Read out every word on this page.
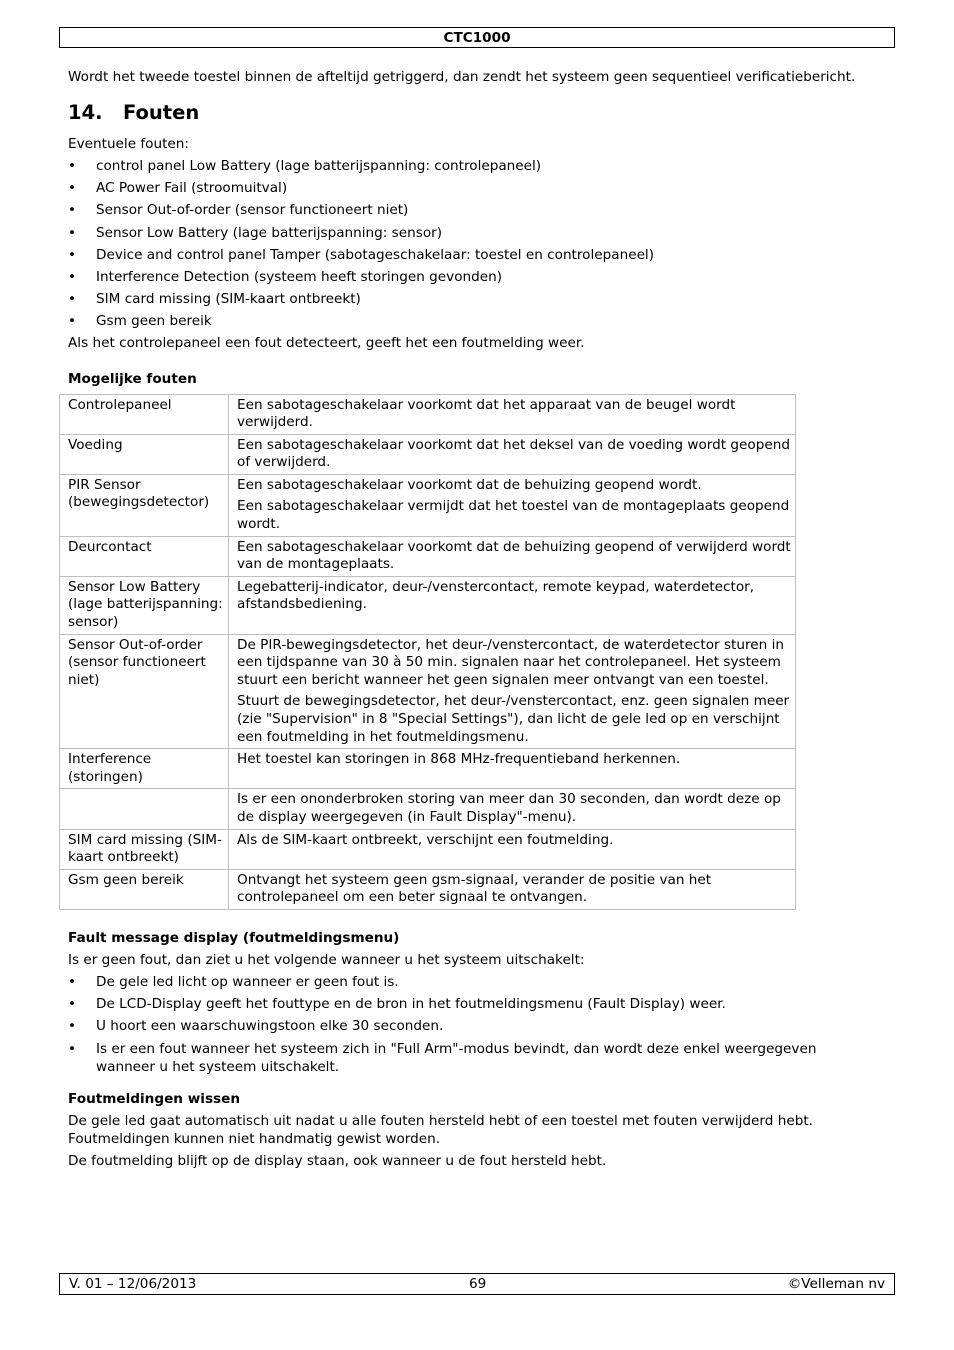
CTC1000

Wordt het tweede toestel binnen de afteltijd getriggerd, dan zendt het systeem geen sequentieel verificatiebericht.

14.	Fouten

Eventuele fouten:

• control panel Low Battery (lage batterijspanning: controlepaneel)
• AC Power Fail (stroomuitval)
• Sensor Out-of-order (sensor functioneert niet)
• Sensor Low Battery (lage batterijspanning: sensor)
• Device and control panel Tamper (sabotageschakelaar: toestel en controlepaneel)
• Interference Detection (systeem heeft storingen gevonden)
• SIM card missing (SIM-kaart ontbreekt)
• Gsm geen bereik

Als het controlepaneel een fout detecteert, geeft het een foutmelding weer.

Mogelijke fouten
Controlepaneel	Een sabotageschakelaar voorkomt dat het apparaat van de beugel wordt verwijderd.

Voeding	Een sabotageschakelaar voorkomt dat het deksel van de voeding wordt geopend of verwijderd.

PIR Sensor (bewegingsdetector)	Een sabotageschakelaar voorkomt dat de behuizing geopend wordt.

Een sabotageschakelaar vermijdt dat het toestel van de montageplaats geopend wordt.

Deurcontact	Een sabotageschakelaar voorkomt dat de behuizing geopend of verwijderd wordt van de montageplaats.

Sensor Low Battery (lage batterijspanning: sensor)	Legebatterij-indicator, deur-/venstercontact, remote keypad, waterdetector, afstandsbediening.

Sensor Out-of-order (sensor functioneert niet)	De PIR-bewegingsdetector, het deur-/venstercontact, de waterdetector sturen in een tijdspanne van 30 à 50 min. signalen naar het controlepaneel. Het systeem stuurt een bericht wanneer het geen signalen meer ontvangt van een toestel.

Stuurt de bewegingsdetector, het deur-/venstercontact, enz. geen signalen meer (zie "Supervision" in 8 "Special Settings"), dan licht de gele led op en verschijnt een foutmelding in het foutmeldingsmenu.

Interference (storingen)	Het toestel kan storingen in 868 MHz-frequentieband herkennen.

	Is er een ononderbroken storing van meer dan 30 seconden, dan wordt deze op de display weergegeven (in Fault Display"-menu).

SIM card missing (SIM-kaart ontbreekt)	Als de SIM-kaart ontbreekt, verschijnt een foutmelding.

Gsm geen bereik	Ontvangt het systeem geen gsm-signaal, verander de positie van het controlepaneel om een beter signaal te ontvangen.

Fault message display (foutmeldingsmenu)

Is er geen fout, dan ziet u het volgende wanneer u het systeem uitschakelt:

• De gele led licht op wanneer er geen fout is.
• De LCD-Display geeft het fouttype en de bron in het foutmeldingsmenu (Fault Display) weer.
• U hoort een waarschuwingstoon elke 30 seconden.
• Is er een fout wanneer het systeem zich in "Full Arm"-modus bevindt, dan wordt deze enkel weergegeven wanneer u het systeem uitschakelt.
Foutmeldingen wissen

De gele led gaat automatisch uit nadat u alle fouten hersteld hebt of een toestel met fouten verwijderd hebt. Foutmeldingen kunnen niet handmatig gewist worden.

De foutmelding blijft op de display staan, ook wanneer u de fout hersteld hebt.

V. 01 – 12/06/2013	69	©Velleman nv
